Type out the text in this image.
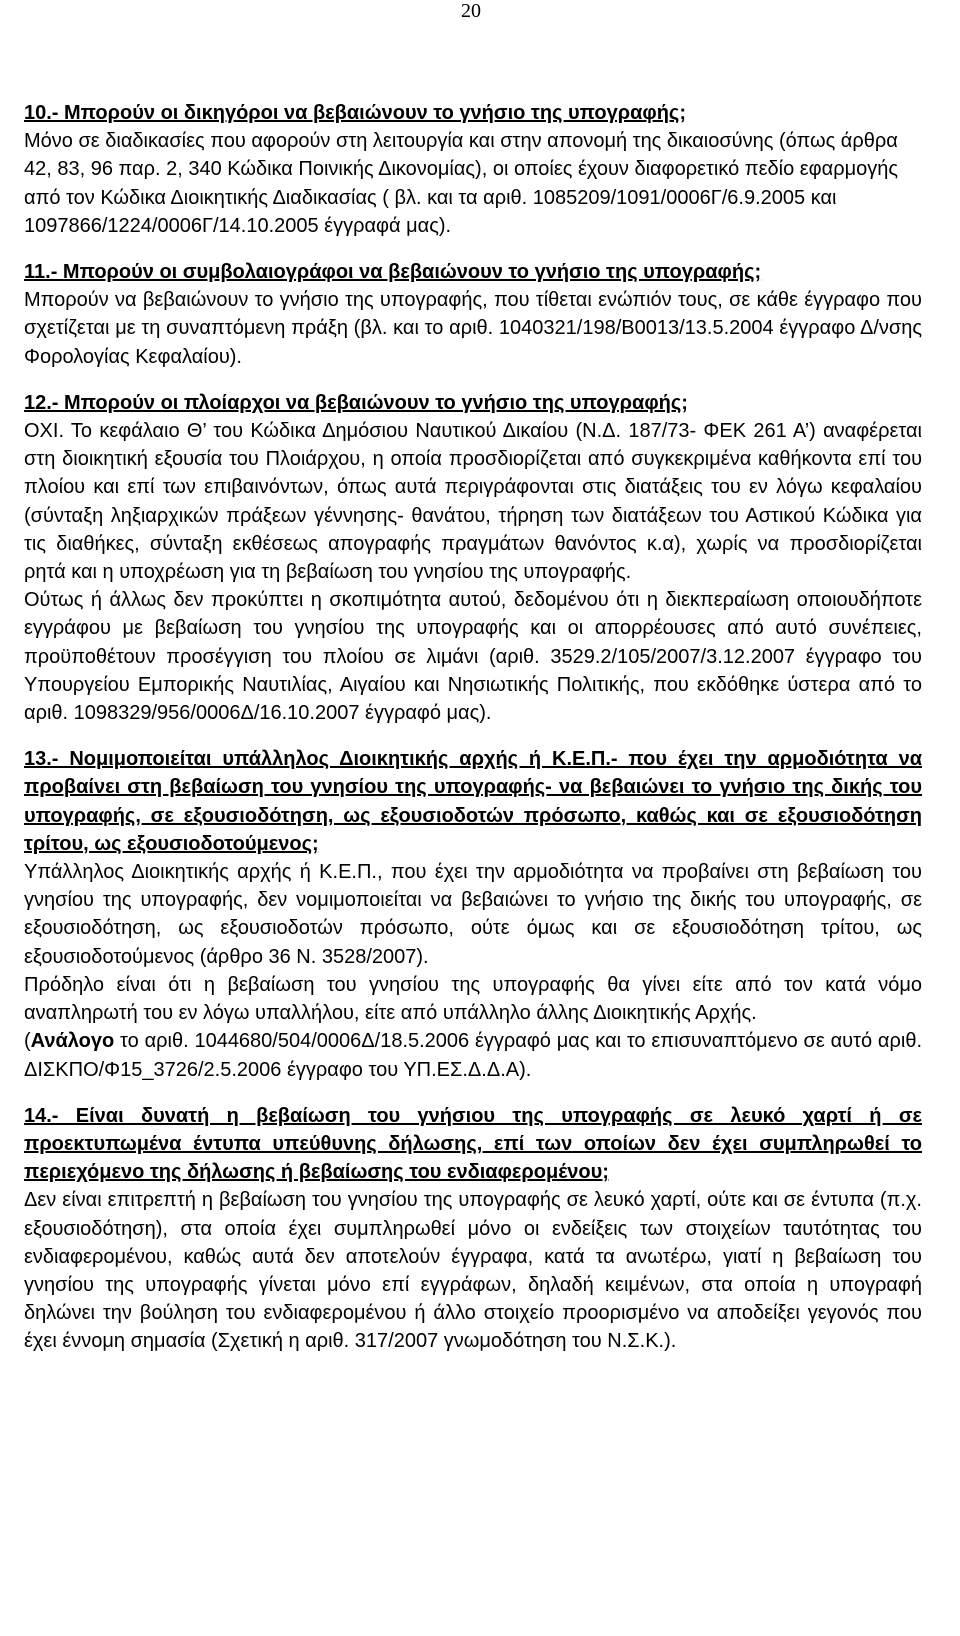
20
10.- Μπορούν οι δικηγόροι να βεβαιώνουν το γνήσιο της υπογραφής;

Μόνο σε διαδικασίες που αφορούν στη λειτουργία και στην απονομή της δικαιοσύνης (όπως άρθρα 42, 83, 96 παρ. 2, 340 Κώδικα Ποινικής Δικονομίας), οι οποίες έχουν διαφορετικό πεδίο εφαρμογής από τον Κώδικα Διοικητικής Διαδικασίας ( βλ. και τα αριθ. 1085209/1091/0006Γ/6.9.2005 και 1097866/1224/0006Γ/14.10.2005 έγγραφά μας).

11.- Μπορούν οι συμβολαιογράφοι να βεβαιώνουν το γνήσιο της υπογραφής;

Μπορούν να βεβαιώνουν το γνήσιο της υπογραφής, που τίθεται ενώπιόν τους, σε κάθε έγγραφο που σχετίζεται με τη συναπτόμενη πράξη (βλ. και το αριθ. 1040321/198/Β0013/13.5.2004 έγγραφο Δ/νσης Φορολογίας Κεφαλαίου).

12.- Μπορούν οι πλοίαρχοι να βεβαιώνουν το γνήσιο της υπογραφής;

ΟΧΙ. Το κεφάλαιο Θ’ του Κώδικα Δημόσιου Ναυτικού Δικαίου (Ν.Δ. 187/73- ΦΕΚ 261 Α’) αναφέρεται στη διοικητική εξουσία του Πλοιάρχου, η οποία προσδιορίζεται από συγκεκριμένα καθήκοντα επί του πλοίου και επί των επιβαινόντων, όπως αυτά περιγράφονται στις διατάξεις του εν λόγω κεφαλαίου (σύνταξη ληξιαρχικών πράξεων γέννησης- θανάτου, τήρηση των διατάξεων του Αστικού Κώδικα για τις διαθήκες, σύνταξη εκθέσεως απογραφής πραγμάτων θανόντος κ.α), χωρίς να προσδιορίζεται ρητά και η υποχρέωση για τη βεβαίωση του γνησίου της υπογραφής.

Ούτως ή άλλως δεν προκύπτει η σκοπιμότητα αυτού, δεδομένου ότι η διεκπεραίωση οποιουδήποτε εγγράφου με βεβαίωση του γνησίου της υπογραφής και οι απορρέουσες από αυτό συνέπειες, προϋποθέτουν προσέγγιση του πλοίου σε λιμάνι (αριθ. 3529.2/105/2007/3.12.2007 έγγραφο του Υπουργείου Εμπορικής Ναυτιλίας, Αιγαίου και Νησιωτικής Πολιτικής, που εκδόθηκε ύστερα από το αριθ. 1098329/956/0006Δ/16.10.2007 έγγραφό μας).

13.- Νομιμοποιείται υπάλληλος Διοικητικής αρχής ή Κ.Ε.Π.- που έχει την αρμοδιότητα να προβαίνει στη βεβαίωση του γνησίου της υπογραφής- να βεβαιώνει το γνήσιο της δικής του υπογραφής, σε εξουσιοδότηση, ως εξουσιοδοτών πρόσωπο, καθώς και σε εξουσιοδότηση τρίτου, ως εξουσιοδοτούμενος;

Υπάλληλος Διοικητικής αρχής ή Κ.Ε.Π., που έχει την αρμοδιότητα να προβαίνει στη βεβαίωση του γνησίου της υπογραφής, δεν νομιμοποιείται να βεβαιώνει το γνήσιο της δικής του υπογραφής, σε εξουσιοδότηση, ως εξουσιοδοτών πρόσωπο, ούτε όμως και σε εξουσιοδότηση τρίτου, ως εξουσιοδοτούμενος (άρθρο 36 Ν. 3528/2007).

Πρόδηλο είναι ότι η βεβαίωση του γνησίου της υπογραφής θα γίνει είτε από τον κατά νόμο αναπληρωτή του εν λόγω υπαλλήλου, είτε από υπάλληλο άλλης Διοικητικής Αρχής.

(Ανάλογο το αριθ. 1044680/504/0006Δ/18.5.2006 έγγραφό μας και το επισυναπτόμενο σε αυτό αριθ. ΔΙΣΚΠΟ/Φ15_3726/2.5.2006 έγγραφο του ΥΠ.ΕΣ.Δ.Δ.Α).

14.- Είναι δυνατή η βεβαίωση του γνήσιου της υπογραφής σε λευκό χαρτί ή σε προεκτυπωμένα έντυπα υπεύθυνης δήλωσης, επί των οποίων δεν έχει συμπληρωθεί το περιεχόμενο της δήλωσης ή βεβαίωσης του ενδιαφερομένου;

Δεν είναι επιτρεπτή η βεβαίωση του γνησίου της υπογραφής σε λευκό χαρτί, ούτε και σε έντυπα (π.χ. εξουσιοδότηση), στα οποία έχει συμπληρωθεί μόνο οι ενδείξεις των στοιχείων ταυτότητας του ενδιαφερομένου, καθώς αυτά δεν αποτελούν έγγραφα, κατά τα ανωτέρω, γιατί η βεβαίωση του γνησίου της υπογραφής γίνεται μόνο επί εγγράφων, δηλαδή κειμένων, στα οποία η υπογραφή δηλώνει την βούληση του ενδιαφερομένου ή άλλο στοιχείο προορισμένο να αποδείξει γεγονός που έχει έννομη σημασία (Σχετική η αριθ. 317/2007 γνωμοδότηση του Ν.Σ.Κ.).
